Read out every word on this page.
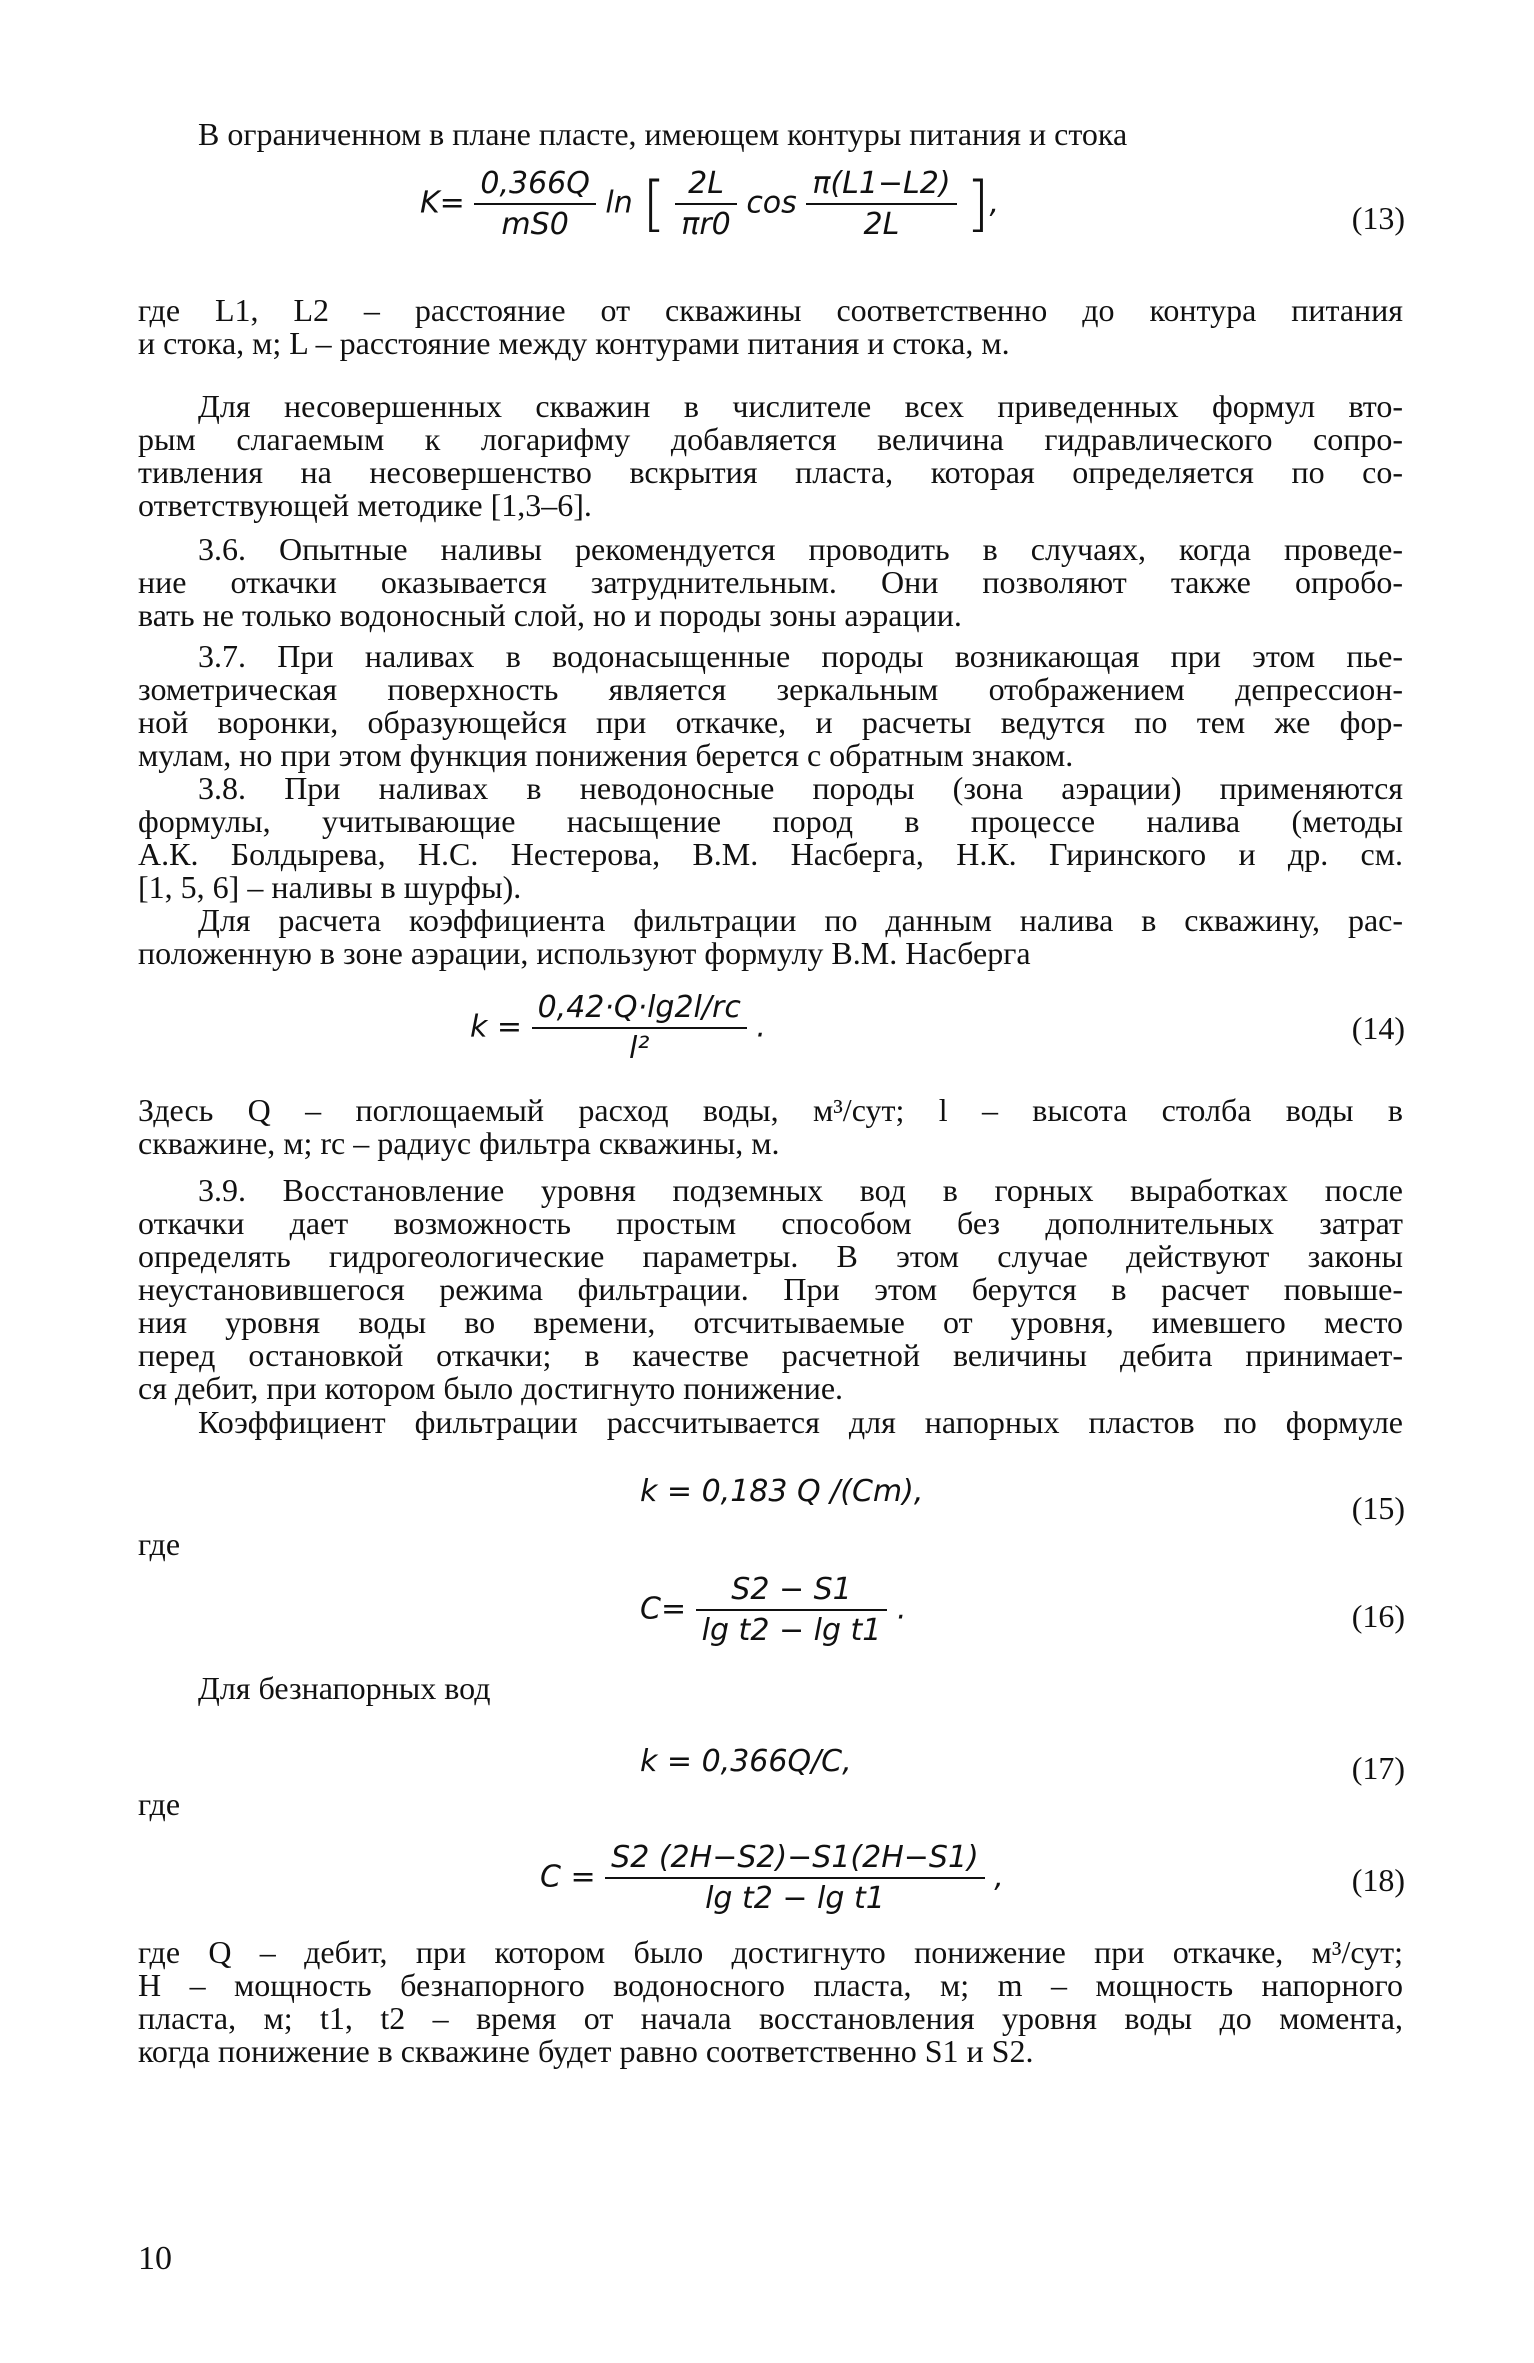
В ограниченном в плане пласте, имеющем контуры питания и стока
$K= \frac{0,366Q}{mS0}$ ln [ $\frac{2L}{\pi r0}$ $\cos \frac{\pi(L1-L2)}{2L}$ ],	(13)
где L1, L2 – расстояние от скважины соответственно до контура питания
и стока, м; L – расстояние между контурами питания и стока, м.
Для несовершенных скважин в числителе всех приведенных формул вто-
рым слагаемым к логарифму добавляется величина гидравлического сопро-
тивления на несовершенство вскрытия пласта, которая определяется по со-
ответствующей методике [1,3–6].
3.6. Опытные наливы рекомендуется проводить в случаях, когда проведе-
ние откачки оказывается затруднительным. Они позволяют также опробо-
вать не только водоносный слой, но и породы зоны аэрации.
3.7. При наливах в водонасыщенные породы возникающая при этом пье-
зометрическая поверхность является зеркальным отображением депрессион-
ной воронки, образующейся при откачке, и расчеты ведутся по тем же фор-
мулам, но при этом функция понижения берется с обратным знаком.
3.8. При наливах в неводоносные породы (зона аэрации) применяются
формулы, учитывающие насыщение пород в процессе налива (методы
А.К. Болдырева, Н.С. Нестерова, В.М. Насберга, Н.К. Гиринского и др. см.
[1, 5, 6] – наливы в шурфы).
Для расчета коэффициента фильтрации по данным налива в скважину, рас-
положенную в зоне аэрации, используют формулу В.М. Насберга
$k = \frac{0,42\cdot Q\cdot\lg 2l/rc}{\text{l²}}$ .	(14)
Здесь Q – поглощаемый расход воды, м³/сут; l – высота столба воды в
скважине, м; rc – радиус фильтра скважины, м.
3.9. Восстановление уровня подземных вод в горных выработках после
откачки дает возможность простым способом без дополнительных затрат
определять гидрогеологические параметры. В этом случае действуют законы
неустановившегося режима фильтрации. При этом берутся в расчет повыше-
ния уровня воды во времени, отсчитываемые от уровня, имевшего место
перед остановкой откачки; в качестве расчетной величины дебита принимает-
ся дебит, при котором было достигнуто понижение.
Коэффициент фильтрации рассчитывается для напорных пластов по формуле
k = 0,183 Q /(Cm),	(15)
где
$C= \frac{S2 - S1}{\text{lg t2 − lg t1}}$ .	(16)
Для безнапорных вод
k = 0,366Q/C,	(17)
где
$C = \frac{S2 (2H-S2)-S1(2H-S1)}{\text{lg t2 − lg t1}}$ ,	(18)
где Q – дебит, при котором было достигнуто понижение при откачке, м³/сут;
H – мощность безнапорного водоносного пласта, м; m – мощность напорного
пласта, м; t1, t2 – время от начала восстановления уровня воды до момента,
когда понижение в скважине будет равно соответственно S1 и S2.
10
